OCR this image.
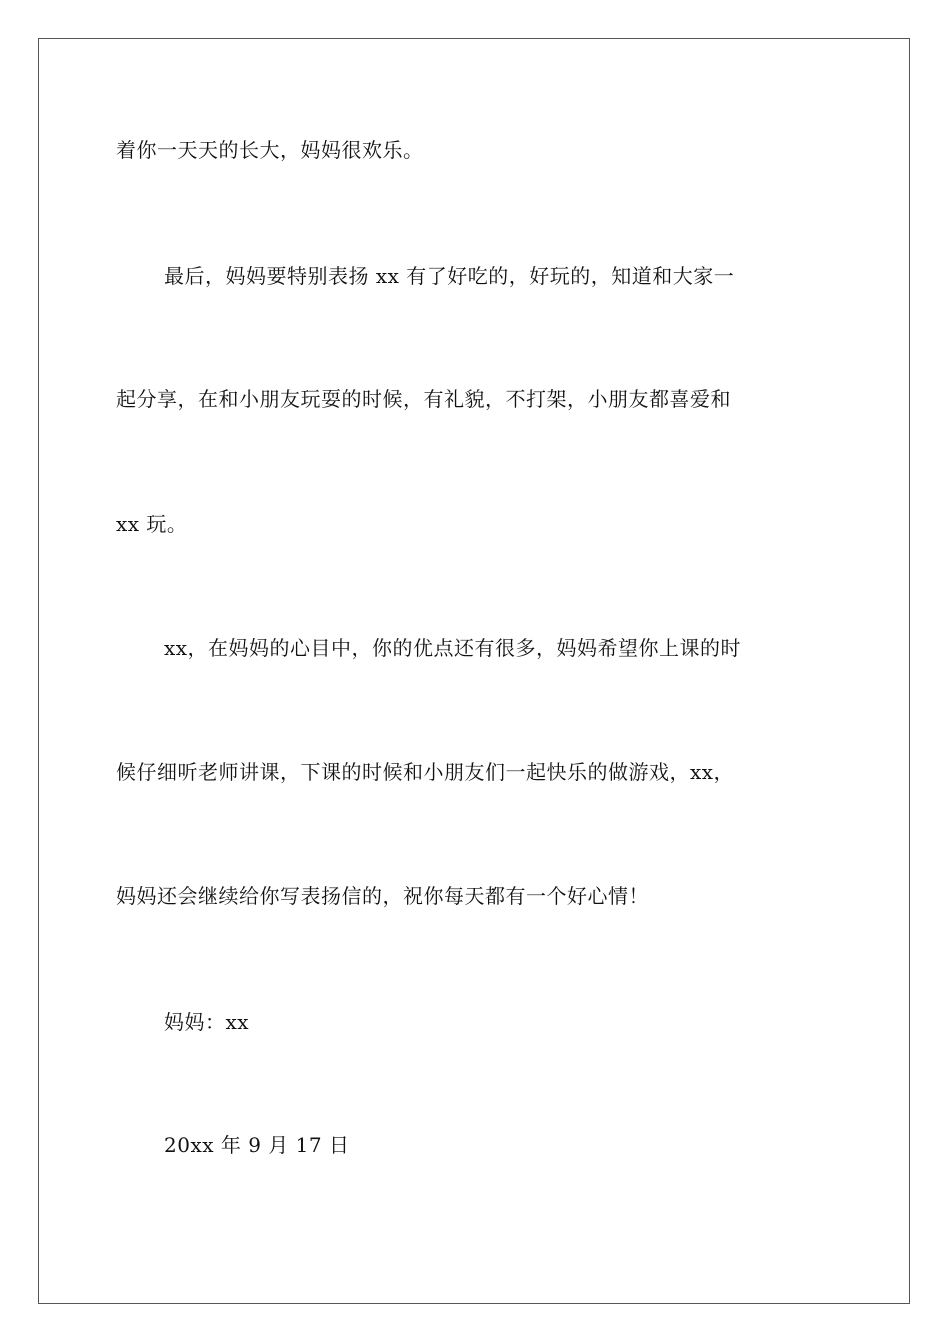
着你一天天的长大，妈妈很欢乐。
最后，妈妈要特别表扬 xx 有了好吃的，好玩的，知道和大家一
起分享，在和小朋友玩耍的时候，有礼貌，不打架，小朋友都喜爱和
xx 玩。
xx，在妈妈的心目中，你的优点还有很多，妈妈希望你上课的时
候仔细听老师讲课，下课的时候和小朋友们一起快乐的做游戏，xx，
妈妈还会继续给你写表扬信的，祝你每天都有一个好心情！
妈妈：xx
20xx 年 9 月 17 日
